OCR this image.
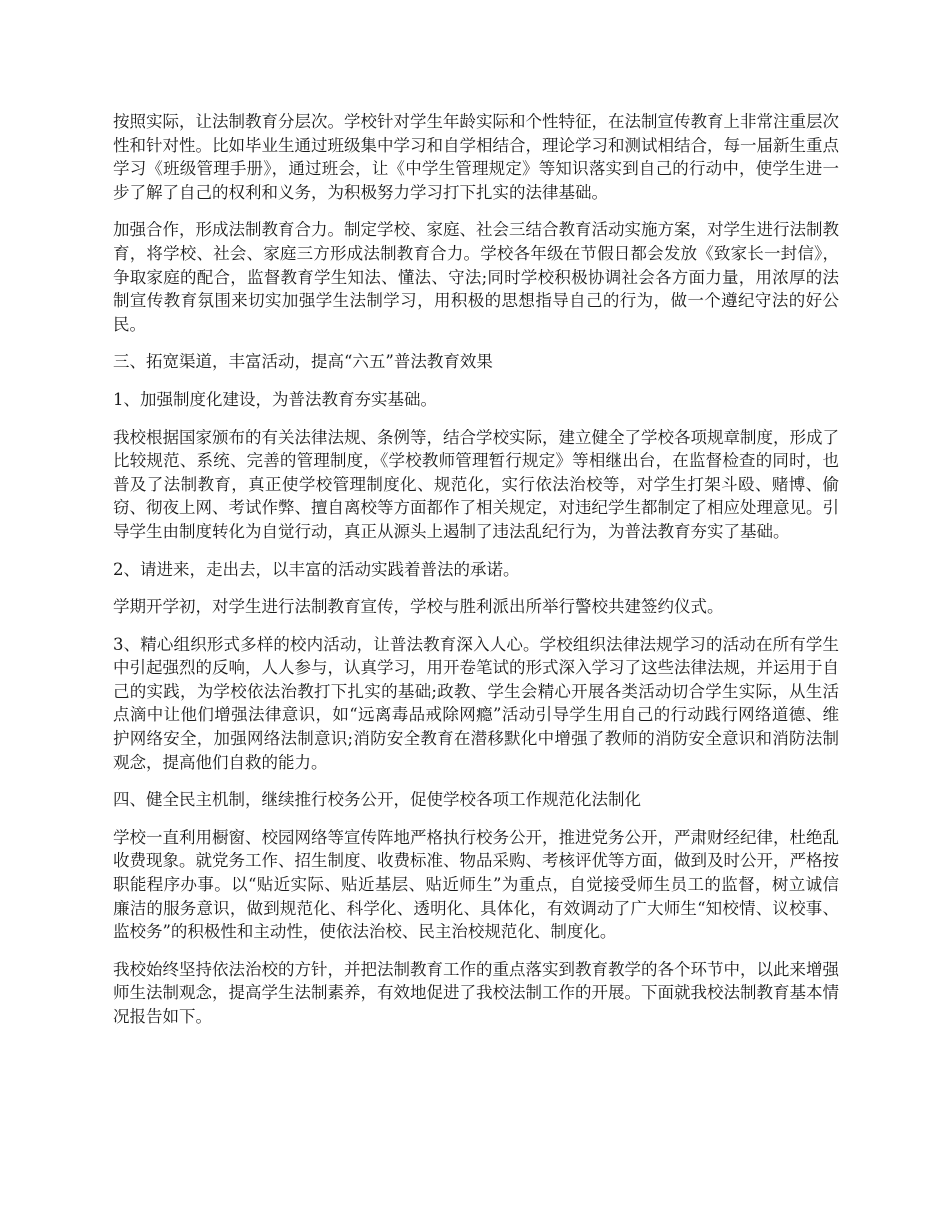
按照实际，让法制教育分层次。学校针对学生年龄实际和个性特征，在法制宣传教育上非常注重层次性和针对性。比如毕业生通过班级集中学习和自学相结合，理论学习和测试相结合，每一届新生重点学习《班级管理手册》，通过班会，让《中学生管理规定》等知识落实到自己的行动中，使学生进一步了解了自己的权利和义务，为积极努力学习打下扎实的法律基础。

加强合作，形成法制教育合力。制定学校、家庭、社会三结合教育活动实施方案，对学生进行法制教育，将学校、社会、家庭三方形成法制教育合力。学校各年级在节假日都会发放《致家长一封信》，争取家庭的配合，监督教育学生知法、懂法、守法;同时学校积极协调社会各方面力量，用浓厚的法制宣传教育氛围来切实加强学生法制学习，用积极的思想指导自己的行为，做一个遵纪守法的好公民。

三、拓宽渠道，丰富活动，提高“六五”普法教育效果

1、加强制度化建设，为普法教育夯实基础。

我校根据国家颁布的有关法律法规、条例等，结合学校实际，建立健全了学校各项规章制度，形成了比较规范、系统、完善的管理制度，《学校教师管理暂行规定》等相继出台，在监督检查的同时，也普及了法制教育，真正使学校管理制度化、规范化，实行依法治校等，对学生打架斗殴、赌博、偷窃、彻夜上网、考试作弊、擅自离校等方面都作了相关规定，对违纪学生都制定了相应处理意见。引导学生由制度转化为自觉行动，真正从源头上遏制了违法乱纪行为，为普法教育夯实了基础。

2、请进来，走出去，以丰富的活动实践着普法的承诺。

学期开学初，对学生进行法制教育宣传，学校与胜利派出所举行警校共建签约仪式。

3、精心组织形式多样的校内活动，让普法教育深入人心。学校组织法律法规学习的活动在所有学生中引起强烈的反响，人人参与，认真学习，用开卷笔试的形式深入学习了这些法律法规，并运用于自己的实践，为学校依法治教打下扎实的基础;政教、学生会精心开展各类活动切合学生实际，从生活点滴中让他们增强法律意识，如“远离毒品戒除网瘾”活动引导学生用自己的行动践行网络道德、维护网络安全，加强网络法制意识;消防安全教育在潜移默化中增强了教师的消防安全意识和消防法制观念，提高他们自救的能力。

四、健全民主机制，继续推行校务公开，促使学校各项工作规范化法制化

学校一直利用橱窗、校园网络等宣传阵地严格执行校务公开，推进党务公开，严肃财经纪律，杜绝乱收费现象。就党务工作、招生制度、收费标准、物品采购、考核评优等方面，做到及时公开，严格按职能程序办事。以“贴近实际、贴近基层、贴近师生”为重点，自觉接受师生员工的监督，树立诚信廉洁的服务意识，做到规范化、科学化、透明化、具体化，有效调动了广大师生“知校情、议校事、监校务”的积极性和主动性，使依法治校、民主治校规范化、制度化。

我校始终坚持依法治校的方针，并把法制教育工作的重点落实到教育教学的各个环节中，以此来增强师生法制观念，提高学生法制素养，有效地促进了我校法制工作的开展。下面就我校法制教育基本情况报告如下。
